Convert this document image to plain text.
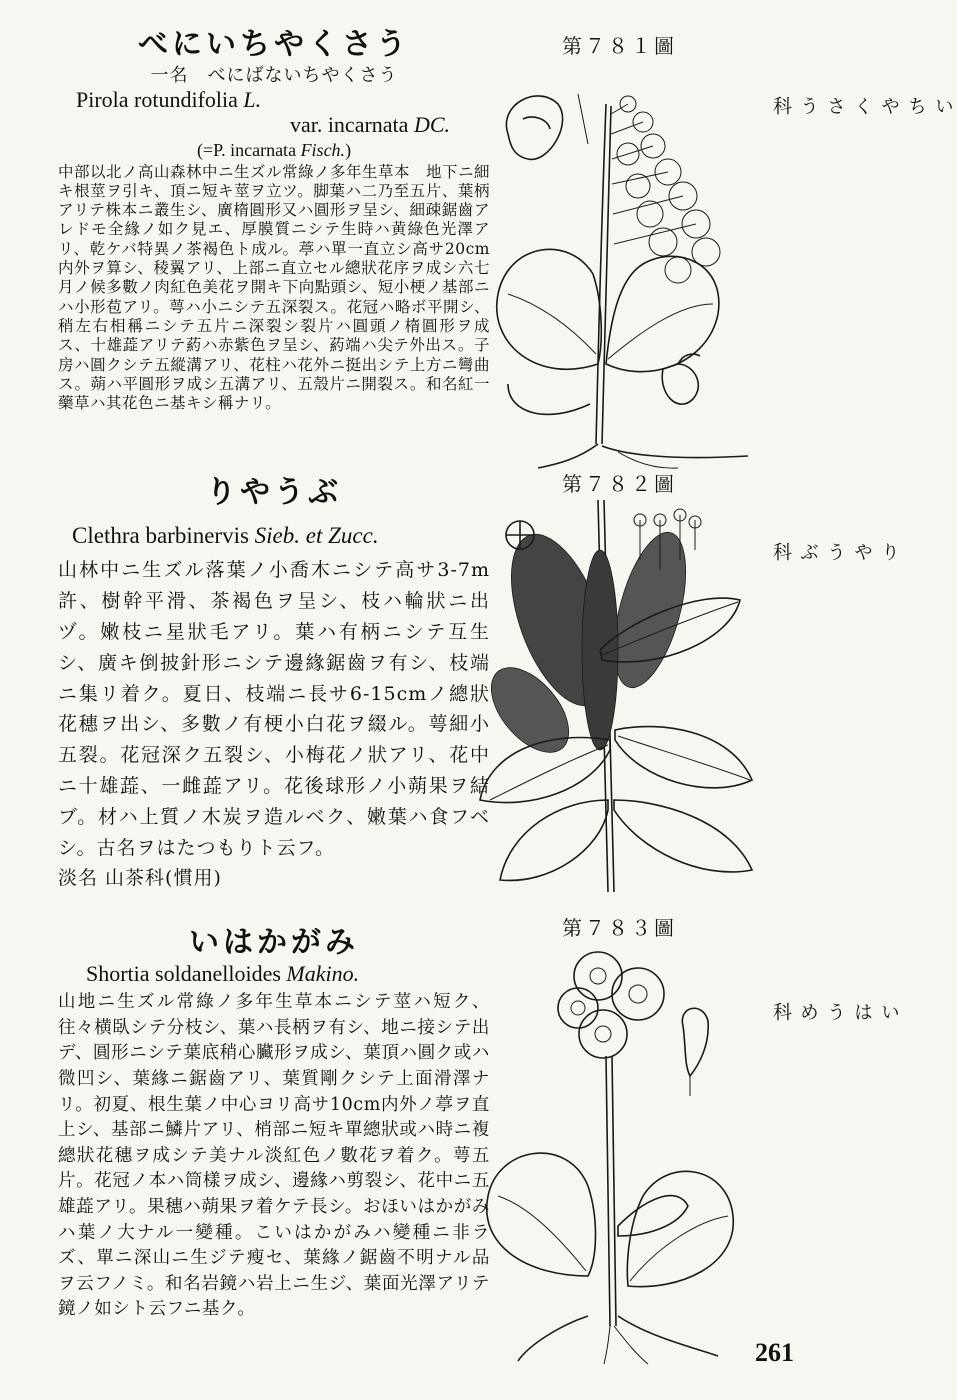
べにいちやくさう

一名　べにばないちやくさう

Pirola rotundifolia L.

var. incarnata DC.

(=P. incarnata Fisch.)

中部以北ノ高山森林中ニ生ズル常綠ノ多年生草本　地下ニ細キ根莖ヲ引キ、頂ニ短キ莖ヲ立ツ。脚葉ハ二乃至五片、葉柄アリテ株本ニ叢生シ、廣楕圓形又ハ圓形ヲ呈シ、細疎鋸齒アレドモ全緣ノ如ク見エ、厚膜質ニシテ生時ハ黄綠色光澤アリ、乾ケバ特異ノ茶褐色ト成ル。葶ハ單一直立シ高サ20cm内外ヲ算シ、稜翼アリ、上部ニ直立セル總狀花序ヲ成シ六七月ノ候多數ノ肉紅色美花ヲ開キ下向點頭シ、短小梗ノ基部ニハ小形苞アリ。萼ハ小ニシテ五深裂ス。花冠ハ略ボ平開シ、稍左右相稱ニシテ五片ニ深裂シ裂片ハ圓頭ノ楕圓形ヲ成ス、十雄蕋アリテ葯ハ赤紫色ヲ呈シ、葯端ハ尖テ外出ス。子房ハ圓クシテ五縱溝アリ、花柱ハ花外ニ挺出シテ上方ニ彎曲ス。蒴ハ平圓形ヲ成シ五溝アリ、五殼片ニ開裂ス。和名紅一藥草ハ其花色ニ基キシ稱ナリ。

第７８１圖
いちやくさう科
りやうぶ

Clethra barbinervis Sieb. et Zucc.

山林中ニ生ズル落葉ノ小喬木ニシテ高サ3-7m許、樹幹平滑、茶褐色ヲ呈シ、枝ハ輪狀ニ出ヅ。嫩枝ニ星狀毛アリ。葉ハ有柄ニシテ互生シ、廣キ倒披針形ニシテ邊緣鋸齒ヲ有シ、枝端ニ集リ着ク。夏日、枝端ニ長サ6-15cmノ總狀花穗ヲ出シ、多數ノ有梗小白花ヲ綴ル。萼細小五裂。花冠深ク五裂シ、小梅花ノ狀アリ、花中ニ十雄蕋、一雌蕋アリ。花後球形ノ小蒴果ヲ結ブ。材ハ上質ノ木炭ヲ造ルベク、嫩葉ハ食フベシ。古名ヲはたつもりト云フ。

淡名 山茶科(慣用)

第７８２圖
りやうぶ科
いはかがみ

Shortia soldanelloides Makino.

山地ニ生ズル常綠ノ多年生草本ニシテ莖ハ短ク、往々横臥シテ分枝シ、葉ハ長柄ヲ有シ、地ニ接シテ出デ、圓形ニシテ葉底稍心臟形ヲ成シ、葉頂ハ圓ク或ハ微凹シ、葉緣ニ鋸齒アリ、葉質剛クシテ上面滑澤ナリ。初夏、根生葉ノ中心ヨリ高サ10cm内外ノ葶ヲ直上シ、基部ニ鱗片アリ、梢部ニ短キ單總狀或ハ時ニ複總狀花穗ヲ成シテ美ナル淡紅色ノ數花ヲ着ク。萼五片。花冠ノ本ハ筒樣ヲ成シ、邊緣ハ剪裂シ、花中ニ五雄蕋アリ。果穗ハ蒴果ヲ着ケテ長シ。おほいはかがみハ葉ノ大ナル一變種。こいはかがみハ變種ニ非ラズ、單ニ深山ニ生ジテ瘦セ、葉緣ノ鋸齒不明ナル品ヲ云フノミ。和名岩鏡ハ岩上ニ生ジ、葉面光澤アリテ鏡ノ如シト云フニ基ク。

第７８３圖
いはうめ科
261
